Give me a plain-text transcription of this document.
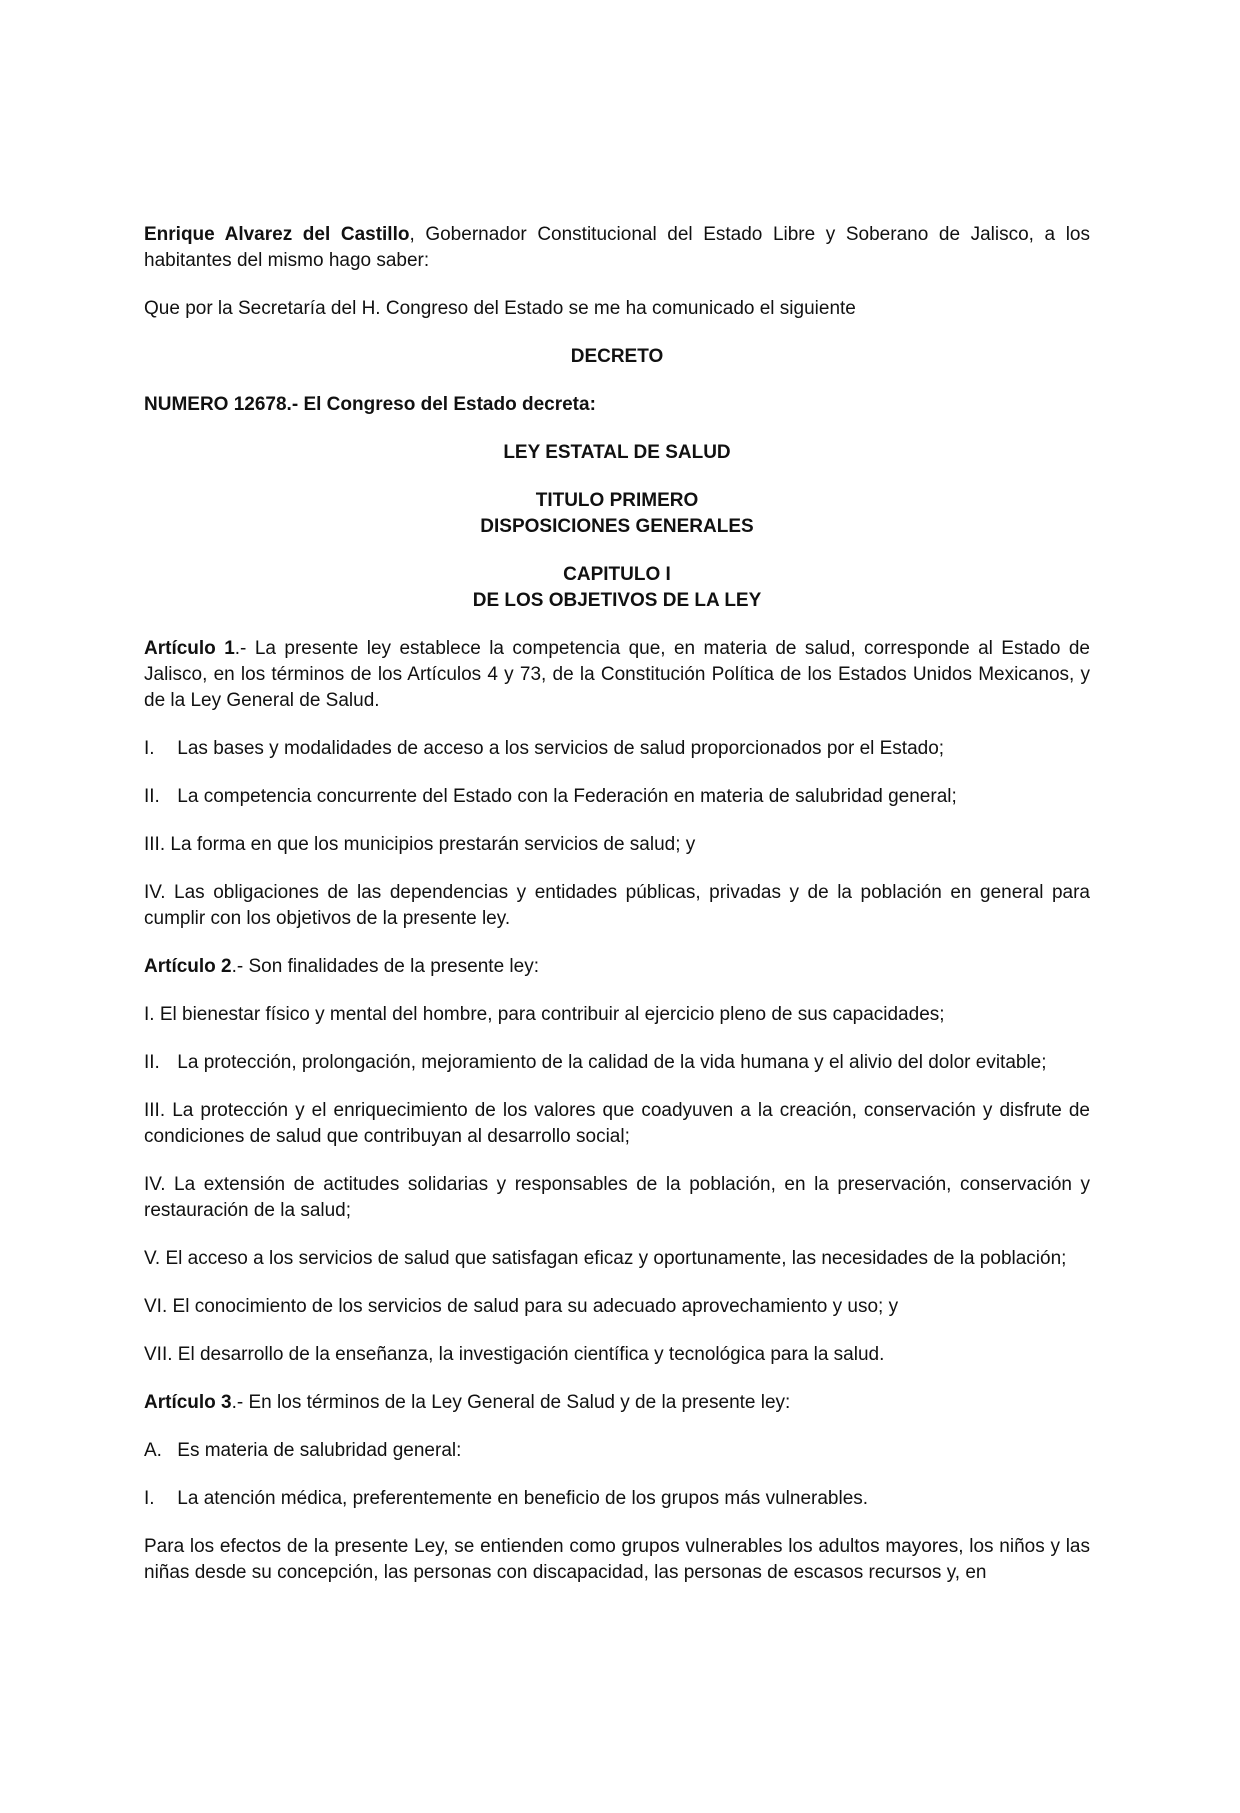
Enrique Alvarez del Castillo, Gobernador Constitucional del Estado Libre y Soberano de Jalisco, a los habitantes del mismo hago saber:

Que por la Secretaría del H. Congreso del Estado se me ha comunicado el siguiente

DECRETO

NUMERO 12678.- El Congreso del Estado decreta:

LEY ESTATAL DE SALUD

TITULO PRIMERO
DISPOSICIONES GENERALES

CAPITULO I
DE LOS OBJETIVOS DE LA LEY

Artículo 1.- La presente ley establece la competencia que, en materia de salud, corresponde al Estado de Jalisco, en los términos de los Artículos 4 y 73, de la Constitución Política de los Estados Unidos Mexicanos, y de la Ley General de Salud.

I. Las bases y modalidades de acceso a los servicios de salud proporcionados por el Estado;

II. La competencia concurrente del Estado con la Federación en materia de salubridad general;

III. La forma en que los municipios prestarán servicios de salud; y

IV. Las obligaciones de las dependencias y entidades públicas, privadas y de la población en general para cumplir con los objetivos de la presente ley.

Artículo 2.- Son finalidades de la presente ley:

I. El bienestar físico y mental del hombre, para contribuir al ejercicio pleno de sus capacidades;

II. La protección, prolongación, mejoramiento de la calidad de la vida humana y el alivio del dolor evitable;

III. La protección y el enriquecimiento de los valores que coadyuven a la creación, conservación y disfrute de condiciones de salud que contribuyan al desarrollo social;

IV. La extensión de actitudes solidarias y responsables de la población, en la preservación, conservación y restauración de la salud;

V. El acceso a los servicios de salud que satisfagan eficaz y oportunamente, las necesidades de la población;

VI. El conocimiento de los servicios de salud para su adecuado aprovechamiento y uso; y

VII. El desarrollo de la enseñanza, la investigación científica y tecnológica para la salud.

Artículo 3.- En los términos de la Ley General de Salud y de la presente ley:

A. Es materia de salubridad general:

I. La atención médica, preferentemente en beneficio de los grupos más vulnerables.

Para los efectos de la presente Ley, se entienden como grupos vulnerables los adultos mayores, los niños y las niñas desde su concepción, las personas con discapacidad, las personas de escasos recursos y, en
